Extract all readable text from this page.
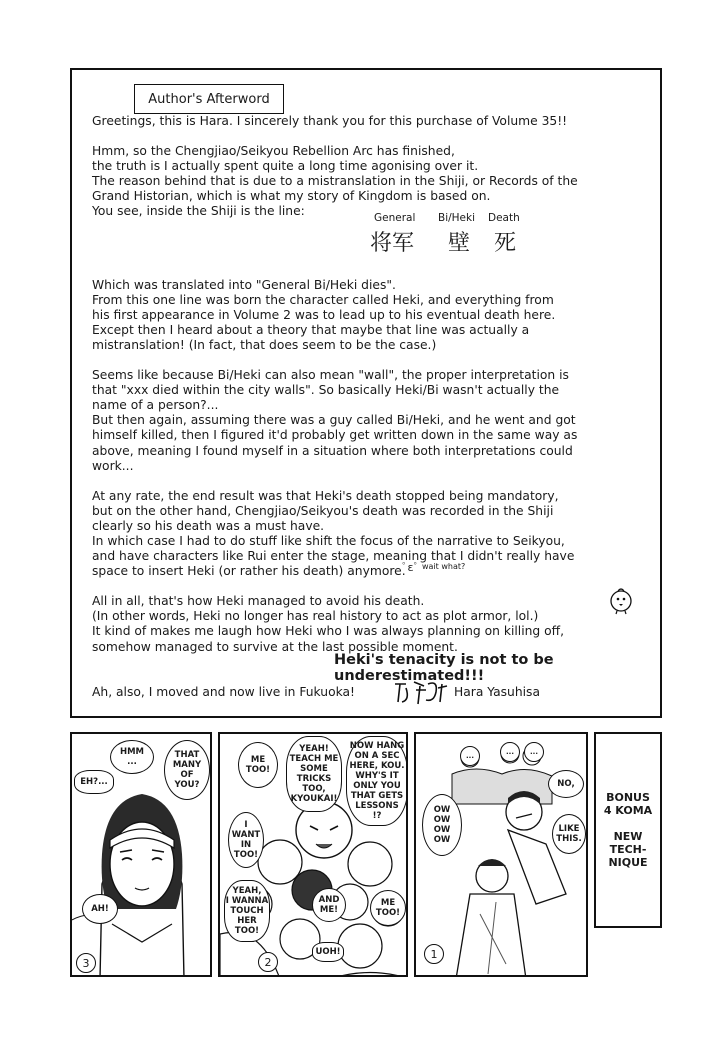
Author's Afterword

Greetings, this is Hara. I sincerely thank you for this purchase of Volume 35!!

Hmm, so the Chengjiao/Seikyou Rebellion Arc has finished,
the truth is I actually spent quite a long time agonising over it.
The reason behind that is due to a mistranslation in the Shiji, or Records of the
Grand Historian, which is what my story of Kingdom is based on.
You see, inside the Shiji is the line:

Which was translated into "General Bi/Heki dies".
From this one line was born the character called Heki, and everything from
his first appearance in Volume 2 was to lead up to his eventual death here.
Except then I heard about a theory that maybe that line was actually a
mistranslation! (In fact, that does seem to be the case.)

Seems like because Bi/Heki can also mean "wall", the proper interpretation is
that "xxx died within the city walls". So basically Heki/Bi wasn't actually the
name of a person?...
But then again, assuming there was a guy called Bi/Heki, and he went and got
himself killed, then I figured it'd probably get written down in the same way as
above, meaning I found myself in a situation where both interpretations could
work...

At any rate, the end result was that Heki's death stopped being mandatory,
but on the other hand, Chengjiao/Seikyou's death was recorded in the Shiji
clearly so his death was a must have.
In which case I had to do stuff like shift the focus of the narrative to Seikyou,
and have characters like Rui enter the stage, meaning that I didn't really have
space to insert Heki (or rather his death) anymore.

All in all, that's how Heki managed to avoid his death.
(In other words, Heki no longer has real history to act as plot armor, lol.)
It kind of makes me laugh how Heki who I was always planning on killing off,
somehow managed to survive at the last possible moment.

General Bi/Heki Death
将军 壁 死
ﾟεﾟ wait what?
Heki's tenacity is not to be underestimated!!!
Ah, also, I moved and now live in Fukuoka!	Hara Yasuhisa
HMM
...
THAT
MANY
OF
YOU?
EH?...
AH!
3
ME
TOO!
YEAH!
TEACH ME
SOME
TRICKS
TOO,
KYOUKAI!
NOW HANG
ON A SEC
HERE, KOU.
WHY'S IT
ONLY YOU
THAT GETS
LESSONS
!?
I
WANT
IN
TOO!
YEAH,
I WANNA
TOUCH
HER
TOO!
AND
ME!
ME
TOO!
UOH!
2
...	...	...
OW
OW
OW
OW
NO,
LIKE
THIS.
1
BONUS
4 KOMA
NEW
TECH-
NIQUE
